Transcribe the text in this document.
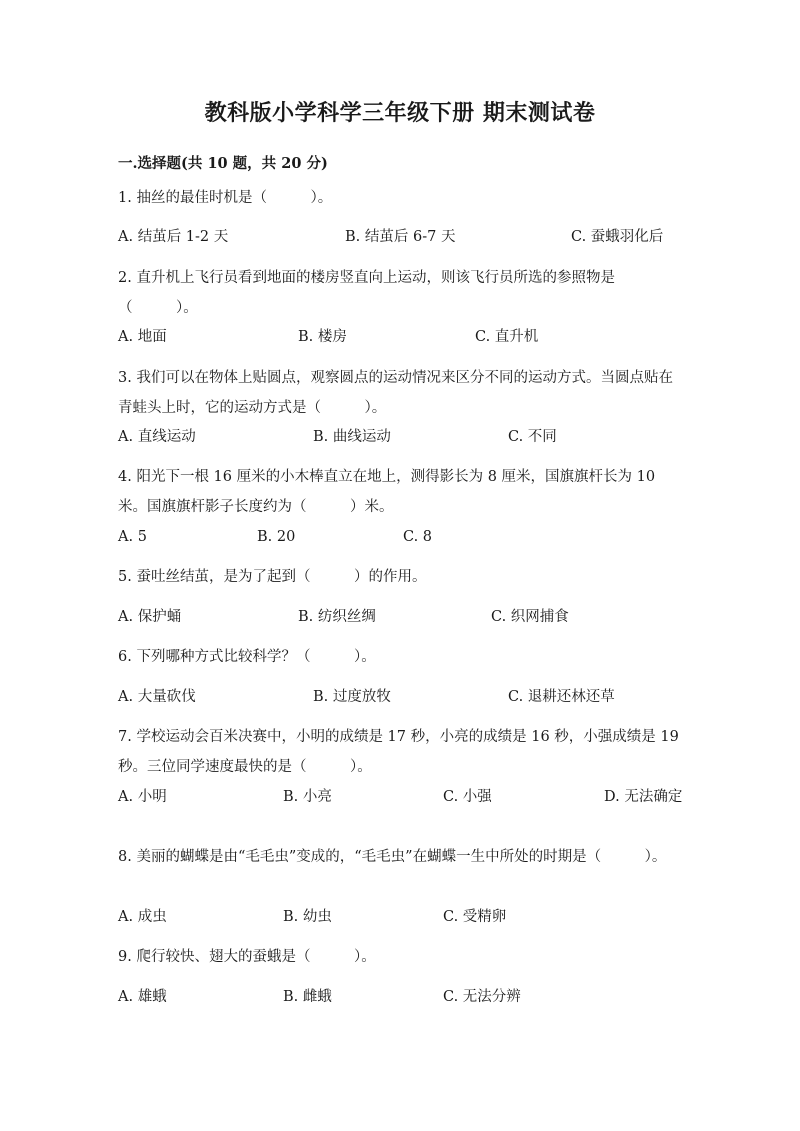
教科版小学科学三年级下册 期末测试卷
一.选择题(共 10 题，共 20 分)
1. 抽丝的最佳时机是（　　　）。
A. 结茧后 1-2 天	B. 结茧后 6-7 天	C. 蚕蛾羽化后
2. 直升机上飞行员看到地面的楼房竖直向上运动，则该飞行员所选的参照物是（　　　）。
A. 地面	B. 楼房	C. 直升机
3. 我们可以在物体上贴圆点，观察圆点的运动情况来区分不同的运动方式。当圆点贴在青蛙头上时，它的运动方式是（　　　）。
A. 直线运动	B. 曲线运动	C. 不同
4. 阳光下一根 16 厘米的小木棒直立在地上，测得影长为 8 厘米，国旗旗杆长为 10 米。国旗旗杆影子长度约为（　　　）米。
A. 5	B. 20	C. 8
5. 蚕吐丝结茧，是为了起到（　　　）的作用。
A. 保护蛹	B. 纺织丝绸	C. 织网捕食
6. 下列哪种方式比较科学？（　　　）。
A. 大量砍伐	B. 过度放牧	C. 退耕还林还草
7. 学校运动会百米决赛中，小明的成绩是 17 秒，小亮的成绩是 16 秒，小强成绩是 19 秒。三位同学速度最快的是（　　　）。
A. 小明	B. 小亮	C. 小强	D. 无法确定
8. 美丽的蝴蝶是由“毛毛虫”变成的，“毛毛虫”在蝴蝶一生中所处的时期是（　　　）。
A. 成虫	B. 幼虫	C. 受精卵
9. 爬行较快、翅大的蚕蛾是（　　　）。
A. 雄蛾	B. 雌蛾	C. 无法分辨
